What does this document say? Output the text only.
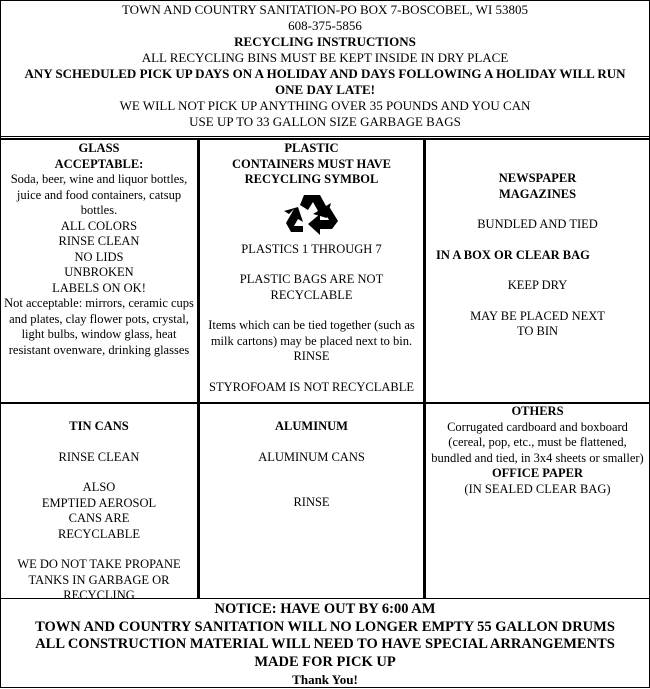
TOWN AND COUNTRY SANITATION-PO BOX 7-BOSCOBEL, WI 53805
608-375-5856
RECYCLING INSTRUCTIONS
ALL RECYCLING BINS MUST BE KEPT INSIDE IN DRY PLACE
ANY SCHEDULED PICK UP DAYS ON A HOLIDAY AND DAYS FOLLOWING A HOLIDAY WILL RUN
ONE DAY LATE!
WE WILL NOT PICK UP ANYTHING OVER 35 POUNDS AND YOU CAN
USE UP TO 33 GALLON SIZE GARBAGE BAGS
GLASS
ACCEPTABLE:
Soda, beer, wine and liquor bottles, juice and food containers, catsup bottles.
ALL COLORS
RINSE CLEAN
NO LIDS
UNBROKEN
LABELS ON OK!
Not acceptable: mirrors, ceramic cups and plates, clay flower pots, crystal, light bulbs, window glass, heat resistant ovenware, drinking glasses
PLASTIC
CONTAINERS MUST HAVE
RECYCLING SYMBOL
PLASTICS 1 THROUGH 7
PLASTIC BAGS ARE NOT RECYCLABLE
Items which can be tied together (such as milk cartons) may be placed next to bin.
RINSE
STYROFOAM IS NOT RECYCLABLE
NEWSPAPER
MAGAZINES
BUNDLED AND TIED
IN A BOX OR CLEAR BAG
KEEP DRY
MAY BE PLACED NEXT TO BIN
TIN CANS
RINSE CLEAN
ALSO
EMPTIED AEROSOL CANS ARE RECYCLABLE
WE DO NOT TAKE PROPANE TANKS IN GARBAGE OR RECYCLING
ALUMINUM
ALUMINUM CANS
RINSE
OTHERS
Corrugated cardboard and boxboard (cereal, pop, etc., must be flattened, bundled and tied, in 3x4 sheets or smaller)
OFFICE PAPER
(IN SEALED CLEAR BAG)
NOTICE: HAVE OUT BY 6:00 AM
TOWN AND COUNTRY SANITATION WILL NO LONGER EMPTY 55 GALLON DRUMS
ALL CONSTRUCTION MATERIAL WILL NEED TO HAVE SPECIAL ARRANGEMENTS
MADE FOR PICK UP
Thank You!
